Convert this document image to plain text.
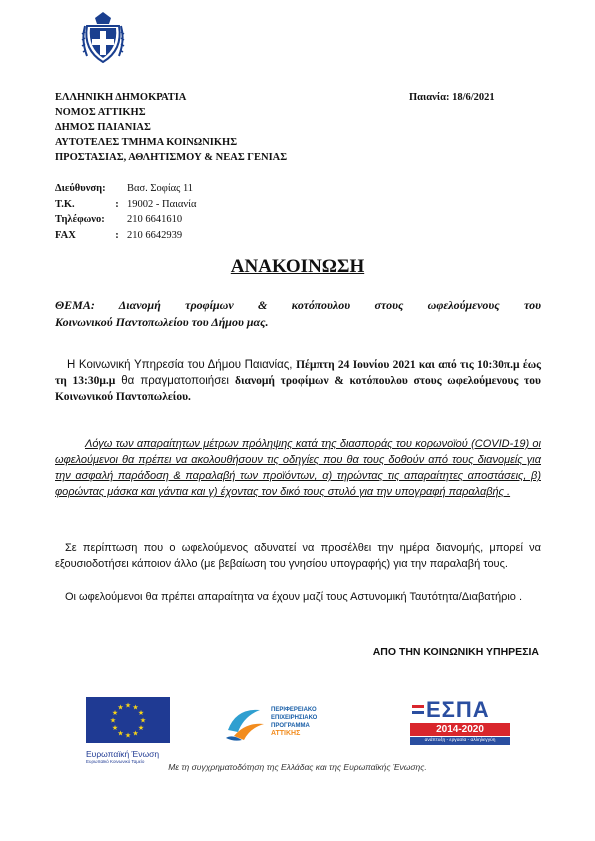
ΕΛΛΗΝΙΚΗ ΔΗΜΟΚΡΑΤΙΑ
ΝΟΜΟΣ ΑΤΤΙΚΗΣ
ΔΗΜΟΣ ΠΑΙΑΝΙΑΣ
ΑΥΤΟΤΕΛΕΣ ΤΜΗΜΑ ΚΟΙΝΩΝΙΚΗΣ
ΠΡΟΣΤΑΣΙΑΣ, ΑΘΛΗΤΙΣΜΟΥ & ΝΕΑΣ ΓΕΝΙΑΣ
Παιανία: 18/6/2021
Διεύθυνση: Βασ. Σοφίας 11
Τ.Κ.	: 19002 - Παιανία
Τηλέφωνο: 210 6641610
FAX	: 210 6642939
ΑΝΑΚΟΙΝΩΣΗ
ΘΕΜΑ: Διανομή τροφίμων & κοτόπουλου στους ωφελούμενους του
Κοινωνικού Παντοπωλείου του Δήμου μας.
Η Κοινωνική Υπηρεσία του Δήμου Παιανίας, Πέμπτη 24 Ιουνίου 2021 και από τις 10:30π.μ έως τη 13:30μ.μ θα πραγματοποιήσει διανομή τροφίμων & κοτόπουλου στους ωφελούμενους του Κοινωνικού Παντοπωλείου.
Λόγω των απαραίτητων μέτρων πρόληψης κατά της διασποράς του κορωνοϊού (COVID-19) οι ωφελούμενοι θα πρέπει να ακολουθήσουν τις οδηγίες που θα τους δοθούν από τους διανομείς για την ασφαλή παράδοση & παραλαβή των προϊόντων, α) τηρώντας τις απαραίτητες αποστάσεις, β) φορώντας μάσκα και γάντια και γ) έχοντας τον δικό τους στυλό για την υπογραφή παραλαβής .
Σε περίπτωση που ο ωφελούμενος αδυνατεί να προσέλθει την ημέρα διανομής, μπορεί να εξουσιοδοτήσει κάποιον άλλο (με βεβαίωση του γνησίου υπογραφής) για την παραλαβή τους.
Οι ωφελούμενοι θα πρέπει απαραίτητα να έχουν μαζί τους Αστυνομική Ταυτότητα/Διαβατήριο .
ΑΠΟ ΤΗΝ ΚΟΙΝΩΝΙΚΗ ΥΠΗΡΕΣΙΑ
★
★
★
★
★
★
★
★
★ ★ ★
★
Ευρωπαϊκή Ένωση
Ευρωπαϊκό Κοινωνικό Ταμείο
ΠΕΡΙΦΕΡΕΙΑΚΟ
ΕΠΙΧΕΙΡΗΣΙΑΚΟ
ΠΡΟΓΡΑΜΜΑ
ΑΤΤΙΚΗΣ
ΕΣΠΑ
2014-2020
ανάπτυξη - εργασία - αλληλεγγύη
Με τη συγχρηματοδότηση της Ελλάδας και της Ευρωπαϊκής Ένωσης.
